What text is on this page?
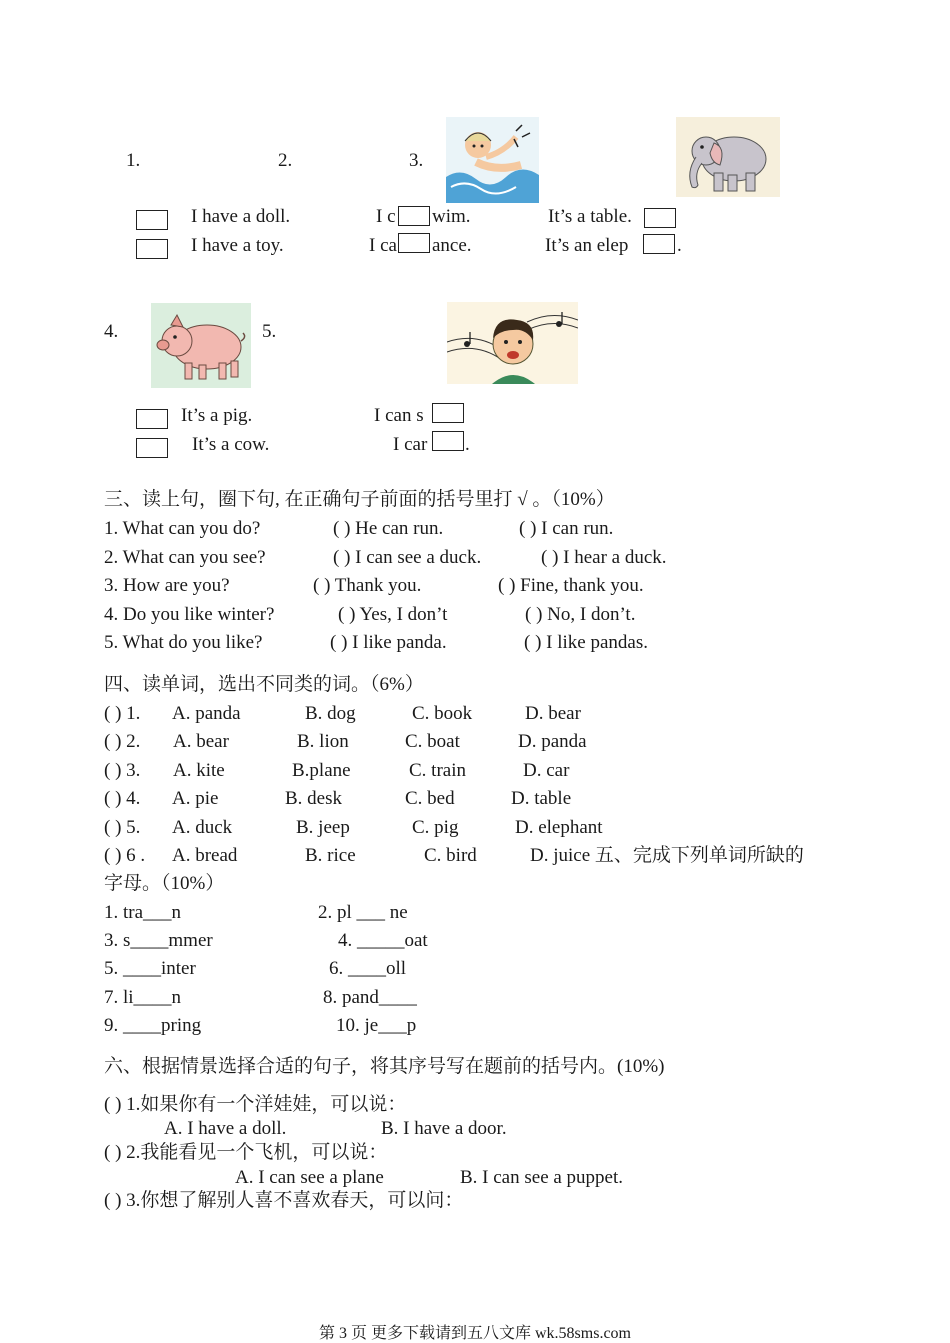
1.	2.	3.
I have a doll.
I have a toy.
I c wim.
I ca ance.
It’s a table.
It’s an elep	.
4.	5.
It’s a pig.
It’s a cow.
I can s
I car .
三、读上句，圈下句, 在正确句子前面的括号里打 √ 。（10%）
1. What can you do?	( ) He can run.	( ) I can run.
2. What can you see?	( ) I can see a duck.	( ) I hear a duck.
3. How are you?	( ) Thank you.	( ) Fine, thank you.
4. Do you like winter?	( ) Yes, I don’t	( ) No, I don’t.
5. What do you like?	( ) I like panda.	( ) I like pandas.
四、读单词，选出不同类的词。（6%）
( ) 1. A. panda	B. dog	C. book	D. bear
( ) 2. A. bear	B. lion	C. boat	D. panda
( ) 3. A. kite	B.plane	C. train	D. car
( ) 4. A. pie	B. desk	C. bed	D. table
( ) 5. A. duck	B. jeep	C. pig	D. elephant
( ) 6 . A. bread	B. rice	C. bird	D. juice 五、完成下列单词所缺的
字母。（10%）
1. tra___n	2. pl ___ ne
3. s____mmer	4. _____oat
5. ____inter	6. ____oll
7. li____n	8. pand____
9. ____pring	10. je___p
六、根据情景选择合适的句子，将其序号写在题前的括号内。(10%)
( ) 1.如果你有一个洋娃娃，可以说：
A. I have a doll.	B. I have a door.
( ) 2.我能看见一个飞机，可以说：
A. I can see a plane	B. I can see a puppet.
( ) 3.你想了解别人喜不喜欢春天，可以问：
第 3 页 更多下载请到五八文库 wk.58sms.com
